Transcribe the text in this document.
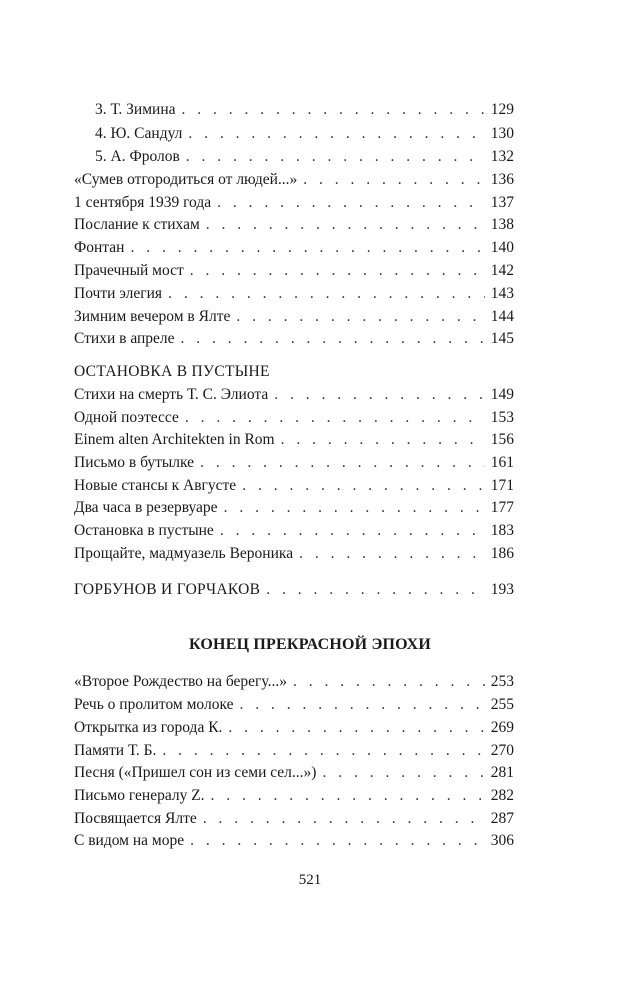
3. Т. Зимина . . .	129
4. Ю. Сандул . . .	130
5. А. Фролов . . .	132
«Сумев отгородиться от людей...» . . .	136
1 сентября 1939 года . . .	137
Послание к стихам . . .	138
Фонтан . . .	140
Прачечный мост . . .	142
Почти элегия . . .	143
Зимним вечером в Ялте . . .	144
Стихи в апреле . . .	145
ОСТАНОВКА В ПУСТЫНЕ
Стихи на смерть Т. С. Элиота . . .	149
Одной поэтессе . . .	153
Einem alten Architekten in Rom . . .	156
Письмо в бутылке . . .	161
Новые стансы к Августе . . .	171
Два часа в резервуаре . . .	177
Остановка в пустыне . . .	183
Прощайте, мадмуазель Вероника . . .	186
ГОРБУНОВ И ГОРЧАКОВ . . .	193
КОНЕЦ ПРЕКРАСНОЙ ЭПОХИ
«Второе Рождество на берегу...» . . .	253
Речь о пролитом молоке . . .	255
Открытка из города К. . . .	269
Памяти Т. Б. . . .	270
Песня («Пришел сон из семи сел...») . . .	281
Письмо генералу Z. . . .	282
Посвящается Ялте . . .	287
С видом на море . . .	306
521
